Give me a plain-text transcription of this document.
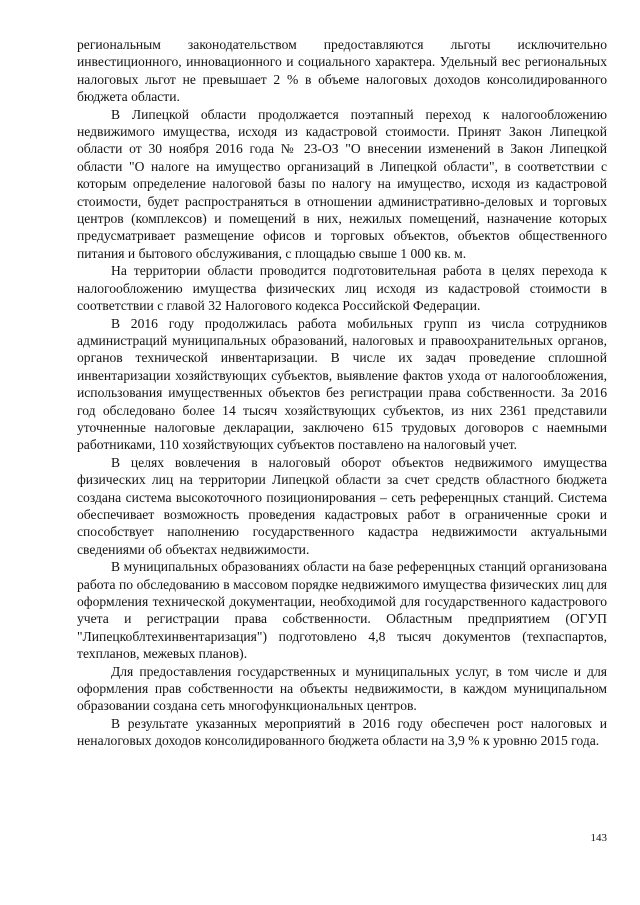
региональным законодательством предоставляются льготы исключительно инвестиционного, инновационного и социального характера. Удельный вес региональных налоговых льгот не превышает 2 % в объеме налоговых доходов консолидированного бюджета области.

В Липецкой области продолжается поэтапный переход к налогообложению недвижимого имущества, исходя из кадастровой стоимости. Принят Закон Липецкой области от 30 ноября 2016 года № 23-ОЗ "О внесении изменений в Закон Липецкой области "О налоге на имущество организаций в Липецкой области", в соответствии с которым определение налоговой базы по налогу на имущество, исходя из кадастровой стоимости, будет распространяться в отношении административно-деловых и торговых центров (комплексов) и помещений в них, нежилых помещений, назначение которых предусматривает размещение офисов и торговых объектов, объектов общественного питания и бытового обслуживания, с площадью свыше 1 000 кв. м.

На территории области проводится подготовительная работа в целях перехода к налогообложению имущества физических лиц исходя из кадастровой стоимости в соответствии с главой 32 Налогового кодекса Российской Федерации.

В 2016 году продолжилась работа мобильных групп из числа сотрудников администраций муниципальных образований, налоговых и правоохранительных органов, органов технической инвентаризации. В числе их задач проведение сплошной инвентаризации хозяйствующих субъектов, выявление фактов ухода от налогообложения, использования имущественных объектов без регистрации права собственности. За 2016 год обследовано более 14 тысяч хозяйствующих субъектов, из них 2361 представили уточненные налоговые декларации, заключено 615 трудовых договоров с наемными работниками, 110 хозяйствующих субъектов поставлено на налоговый учет.

В целях вовлечения в налоговый оборот объектов недвижимого имущества физических лиц на территории Липецкой области за счет средств областного бюджета создана система высокоточного позиционирования – сеть референцных станций. Система обеспечивает возможность проведения кадастровых работ в ограниченные сроки и способствует наполнению государственного кадастра недвижимости актуальными сведениями об объектах недвижимости.

В муниципальных образованиях области на базе референцных станций организована работа по обследованию в массовом порядке недвижимого имущества физических лиц для оформления технической документации, необходимой для государственного кадастрового учета и регистрации права собственности. Областным предприятием (ОГУП "Липецкоблтехинвентаризация") подготовлено 4,8 тысяч документов (техпаспартов, техпланов, межевых планов).

Для предоставления государственных и муниципальных услуг, в том числе и для оформления прав собственности на объекты недвижимости, в каждом муниципальном образовании создана сеть многофункциональных центров.

В результате указанных мероприятий в 2016 году обеспечен рост налоговых и неналоговых доходов консолидированного бюджета области на 3,9 % к уровню 2015 года.

143
